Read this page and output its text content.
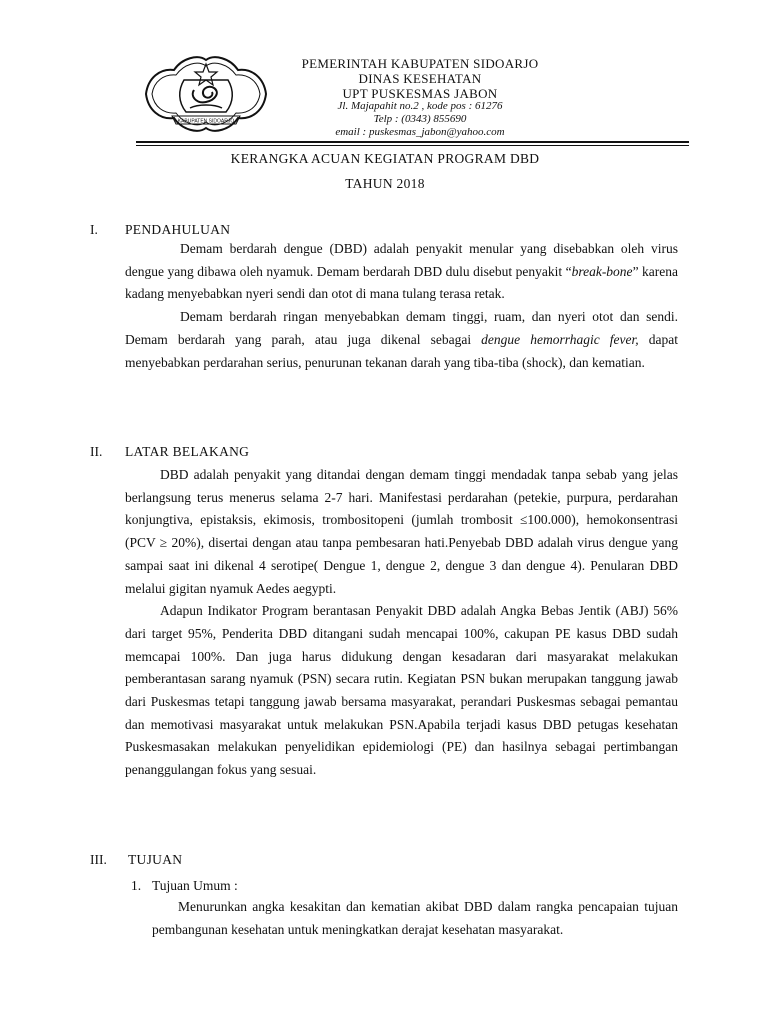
KABUPATEN SIDOARJO
PEMERINTAH KABUPATEN SIDOARJO
DINAS KESEHATAN
UPT PUSKESMAS JABON
Jl. Majapahit no.2 , kode pos : 61276
Telp : (0343) 855690
email : puskesmas_jabon@yahoo.com
KERANGKA ACUAN KEGIATAN PROGRAM DBD
TAHUN 2018
I. PENDAHULUAN

Demam berdarah dengue (DBD) adalah penyakit menular yang disebabkan oleh virus dengue yang dibawa oleh nyamuk. Demam berdarah DBD dulu disebut penyakit “break-bone” karena kadang menyebabkan nyeri sendi dan otot di mana tulang terasa retak.

Demam berdarah ringan menyebabkan demam tinggi, ruam, dan nyeri otot dan sendi. Demam berdarah yang parah, atau juga dikenal sebagai dengue hemorrhagic fever, dapat menyebabkan perdarahan serius, penurunan tekanan darah yang tiba-tiba (shock), dan kematian.

II. LATAR BELAKANG

DBD adalah penyakit yang ditandai dengan demam tinggi mendadak tanpa sebab yang jelas berlangsung terus menerus selama 2-7 hari. Manifestasi perdarahan (petekie, purpura, perdarahan konjungtiva, epistaksis, ekimosis, trombositopeni (jumlah trombosit ≤100.000), hemokonsentrasi (PCV ≥ 20%), disertai dengan atau tanpa pembesaran hati.Penyebab DBD adalah virus dengue yang sampai saat ini dikenal 4 serotipe( Dengue 1, dengue 2, dengue 3 dan dengue 4). Penularan DBD melalui gigitan nyamuk Aedes aegypti.

Adapun Indikator Program berantasan Penyakit DBD adalah Angka Bebas Jentik (ABJ) 56% dari target 95%, Penderita DBD ditangani sudah mencapai 100%, cakupan PE kasus DBD sudah memcapai 100%. Dan juga harus didukung dengan kesadaran dari masyarakat melakukan pemberantasan sarang nyamuk (PSN) secara rutin. Kegiatan PSN bukan merupakan tanggung jawab dari Puskesmas tetapi tanggung jawab bersama masyarakat, perandari Puskesmas sebagai pemantau dan memotivasi masyarakat untuk melakukan PSN.Apabila terjadi kasus DBD petugas kesehatan Puskesmasakan melakukan penyelidikan epidemiologi (PE) dan hasilnya sebagai pertimbangan penanggulangan fokus yang sesuai.

III. TUJUAN
1. Tujuan Umum :

Menurunkan angka kesakitan dan kematian akibat DBD dalam rangka pencapaian tujuan pembangunan kesehatan untuk meningkatkan derajat kesehatan masyarakat.
